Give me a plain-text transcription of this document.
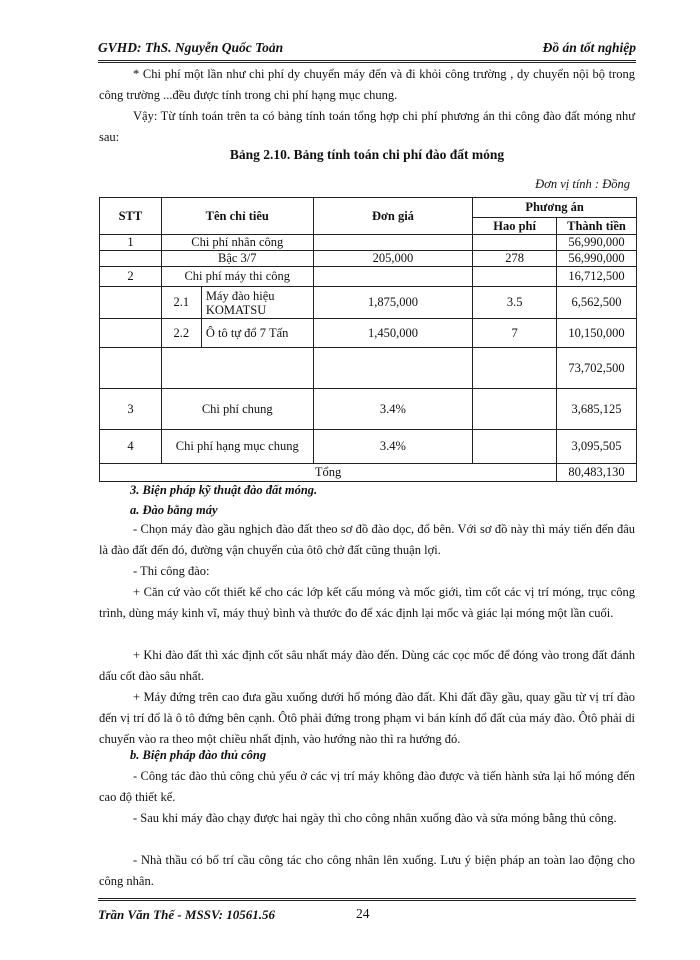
GVHD: ThS. Nguyễn Quốc Toản	Đồ án tốt nghiệp

* Chi phí một lần như chi phí dy chuyển máy đến và đi khỏi công trường , dy chuyển nội bộ trong công trường ...đều được tính trong chi phí hạng mục chung.

Vậy: Từ tính toán trên ta có bảng tính toán tổng hợp chi phí phương án thi công đào đất móng như sau:

Bảng 2.10. Bảng tính toán chi phí đào đất móng
Đơn vị tính : Đồng
STT	Tên chỉ tiêu		Đơn giá	Phương án	
				Hao phí	Thành tiền
1	Chi phí nhân công				56,990,000
	Bậc 3/7		205,000	278	56,990,000
2	Chi phí máy thi công				16,712,500
	2.1	Máy đào hiệu KOMATSU	1,875,000	3.5	6,562,500
	2.2	Ô tô tự đổ 7 Tấn	1,450,000	7	10,150,000
					73,702,500
3	Chi phí chung		3.4%		3,685,125
4	Chi phí hạng mục chung		3.4%		3,095,505
Tổng					80,483,130
3. Biện pháp kỹ thuật đào đất móng.
a. Đào bằng máy

- Chọn máy đào gầu nghịch đào đất theo sơ đồ đào dọc, đổ bên. Với sơ đồ này thì máy tiến đến đâu là đào đất đến đó, đường vận chuyển của ôtô chở đất cũng thuận lợi.

- Thi công đào:

+ Căn cứ vào cốt thiết kế cho các lớp kết cấu móng và mốc giới, tìm cốt các vị trí móng, trục công trình, dùng máy kinh vĩ, máy thuỷ bình và thước đo để xác định lại mốc và giác lại móng một lần cuối.

+ Khi đào đất thì xác định cốt sâu nhất máy đào đến. Dùng các cọc mốc để đóng vào trong đất đánh dấu cốt đào sâu nhất.

+ Máy đứng trên cao đưa gầu xuống dưới hố móng đào đất. Khi đất đầy gầu, quay gầu từ vị trí đào đến vị trí đổ là ô tô đứng bên cạnh. Ôtô phải đứng trong phạm vi bán kính đổ đất của máy đào. Ôtô phải di chuyển vào ra theo một chiều nhất định, vào hướng nào thì ra hướng đó.

b. Biện pháp đào thủ công

- Công tác đào thủ công chủ yếu ở các vị trí máy không đào được và tiến hành sửa lại hố móng đến cao độ thiết kế.

- Sau khi máy đào chạy được hai ngày thì cho công nhân xuống đào và sửa móng bằng thủ công.

- Nhà thầu có bố trí cầu công tác cho công nhân lên xuống. Lưu ý biện pháp an toàn lao động cho công nhân.

Trần Văn Thế - MSSV: 10561.56	24
